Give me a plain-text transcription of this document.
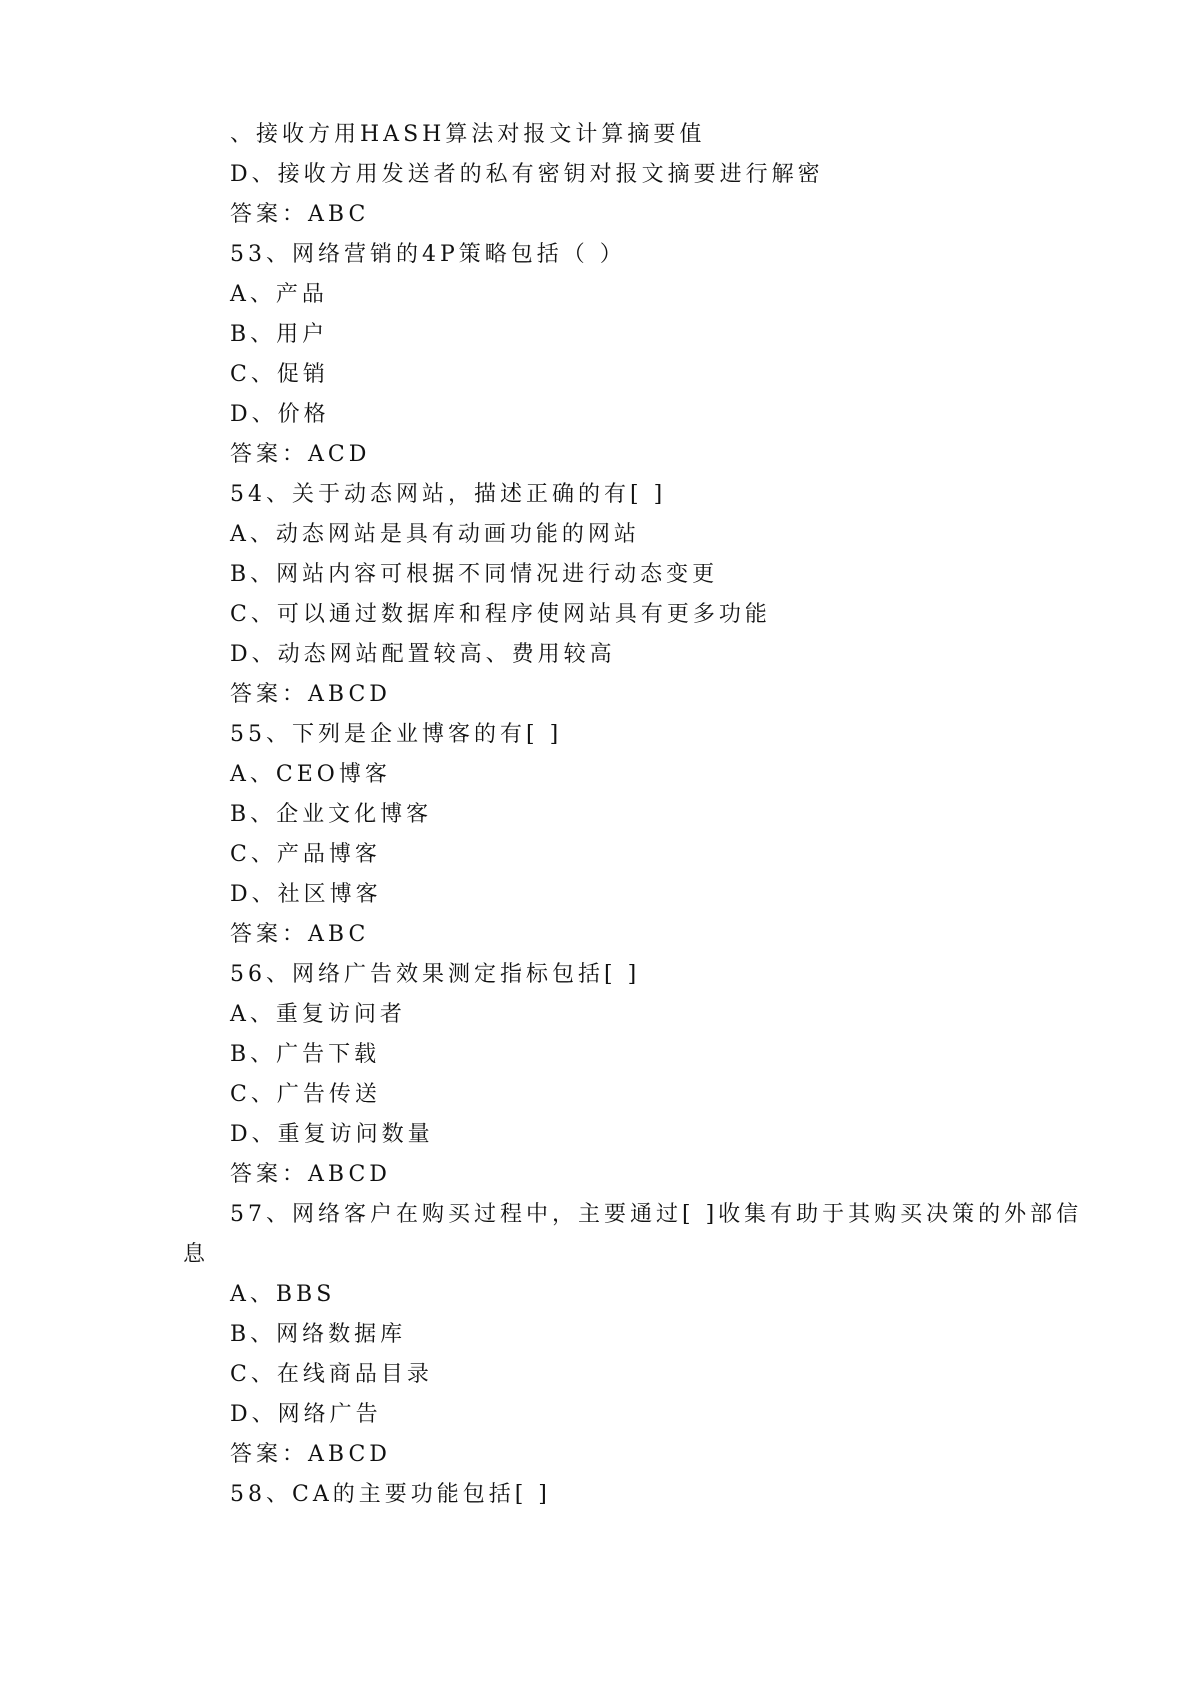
、接收方用HASH算法对报文计算摘要值
D、接收方用发送者的私有密钥对报文摘要进行解密
答案：ABC
53、网络营销的4P策略包括（ ）
A、产品
B、用户
C、促销
D、价格
答案：ACD
54、关于动态网站，描述正确的有[ ]
A、动态网站是具有动画功能的网站
B、网站内容可根据不同情况进行动态变更
C、可以通过数据库和程序使网站具有更多功能
D、动态网站配置较高、费用较高
答案：ABCD
55、下列是企业博客的有[ ]
A、CEO博客
B、企业文化博客
C、产品博客
D、社区博客
答案：ABC
56、网络广告效果测定指标包括[ ]
A、重复访问者
B、广告下载
C、广告传送
D、重复访问数量
答案：ABCD
57、网络客户在购买过程中，主要通过[ ]收集有助于其购买决策的外部信
息
A、BBS
B、网络数据库
C、在线商品目录
D、网络广告
答案：ABCD
58、CA的主要功能包括[ ]
